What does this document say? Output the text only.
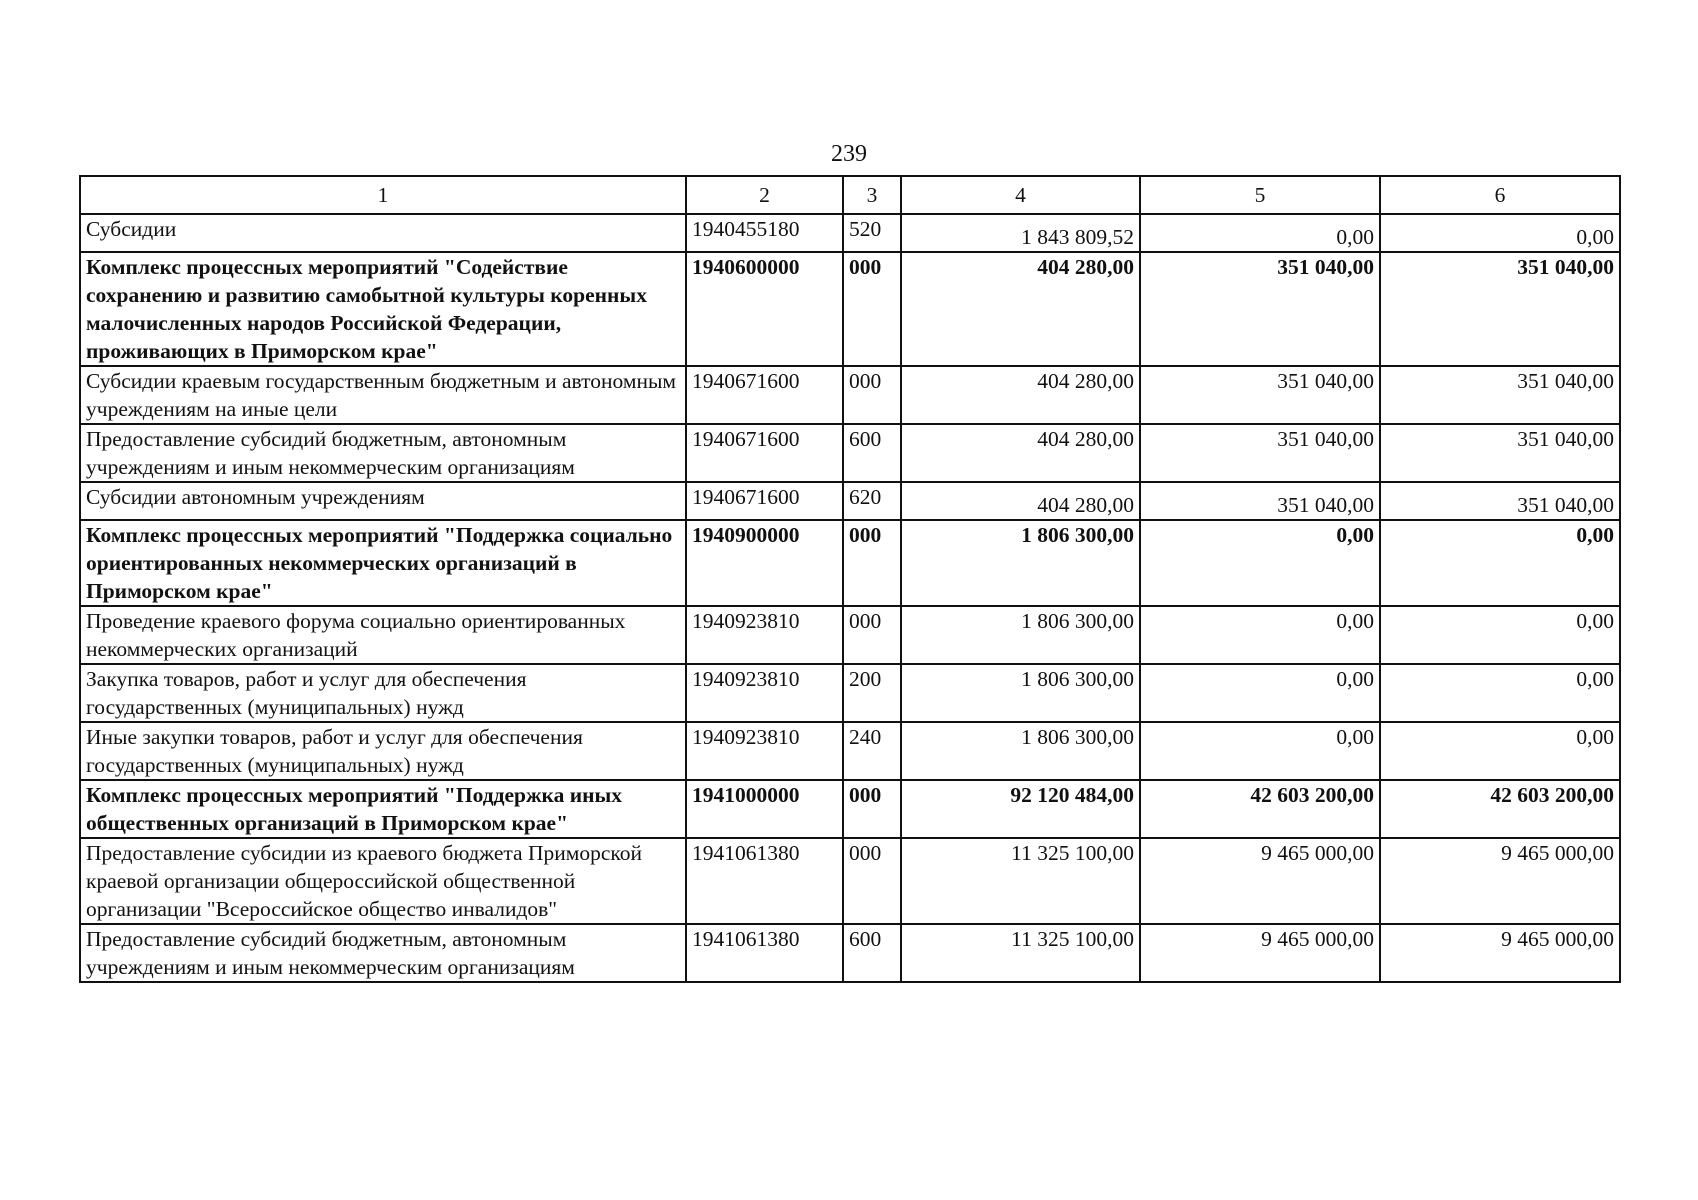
239
1	2	3	4	5	6
Субсидии	1940455180	520	1 843 809,52	0,00	0,00
Комплекс процессных мероприятий "Содействие сохранению и развитию самобытной культуры коренных малочисленных народов Российской Федерации, проживающих в Приморском крае"	1940600000	000	404 280,00	351 040,00	351 040,00
Субсидии краевым государственным бюджетным и автономным учреждениям на иные цели	1940671600	000	404 280,00	351 040,00	351 040,00
Предоставление субсидий бюджетным, автономным учреждениям и иным некоммерческим организациям	1940671600	600	404 280,00	351 040,00	351 040,00
Субсидии автономным учреждениям	1940671600	620	404 280,00	351 040,00	351 040,00
Комплекс процессных мероприятий "Поддержка социально ориентированных некоммерческих организаций в Приморском крае"	1940900000	000	1 806 300,00	0,00	0,00
Проведение краевого форума социально ориентированных некоммерческих организаций	1940923810	000	1 806 300,00	0,00	0,00
Закупка товаров, работ и услуг для обеспечения государственных (муниципальных) нужд	1940923810	200	1 806 300,00	0,00	0,00
Иные закупки товаров, работ и услуг для обеспечения государственных (муниципальных) нужд	1940923810	240	1 806 300,00	0,00	0,00
Комплекс процессных мероприятий "Поддержка иных общественных организаций в Приморском крае"	1941000000	000	92 120 484,00	42 603 200,00	42 603 200,00
Предоставление субсидии из краевого бюджета Приморской краевой организации общероссийской общественной организации "Всероссийское общество инвалидов"	1941061380	000	11 325 100,00	9 465 000,00	9 465 000,00
Предоставление субсидий бюджетным, автономным учреждениям и иным некоммерческим организациям	1941061380	600	11 325 100,00	9 465 000,00	9 465 000,00
